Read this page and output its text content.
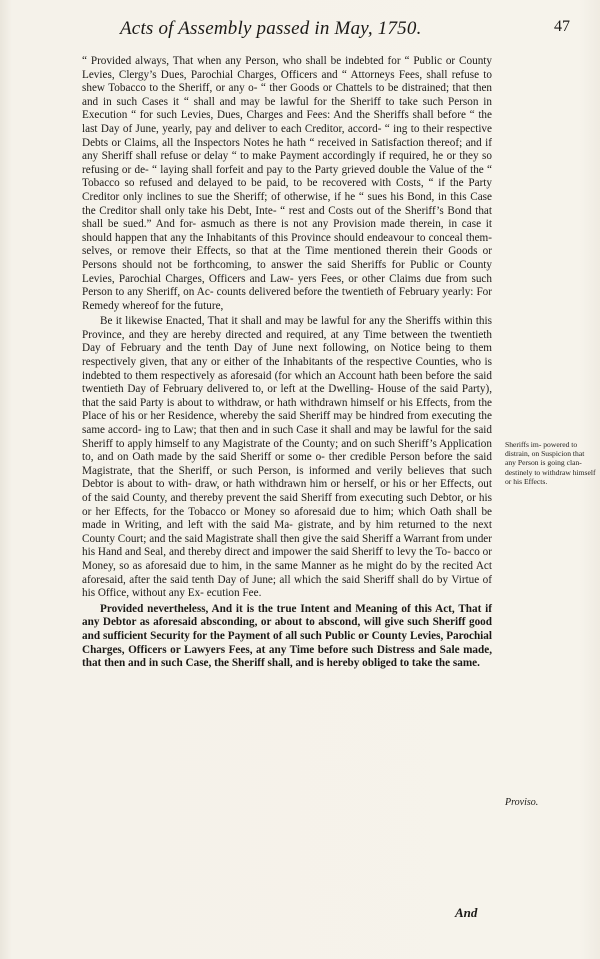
Acts of Assembly passed in May, 1750.	47

“ Provided always, That when any Person, who shall be indebted for “ Public or County Levies, Clergy’s Dues, Parochial Charges, Officers and “ Attorneys Fees, shall refuse to shew Tobacco to the Sheriff, or any o- “ ther Goods or Chattels to be distrained; that then and in such Cases it “ shall and may be lawful for the Sheriff to take such Person in Execution “ for such Levies, Dues, Charges and Fees: And the Sheriffs shall before “ the last Day of June, yearly, pay and deliver to each Creditor, accord- “ ing to their respective Debts or Claims, all the Inspectors Notes he hath “ received in Satisfaction thereof; and if any Sheriff shall refuse or delay “ to make Payment accordingly if required, he or they so refusing or de- “ laying shall forfeit and pay to the Party grieved double the Value of the “ Tobacco so refused and delayed to be paid, to be recovered with Costs, “ if the Party Creditor only inclines to sue the Sheriff; of otherwise, if he “ sues his Bond, in this Case the Creditor shall only take his Debt, Inte- “ rest and Costs out of the Sheriff’s Bond that shall be sued.” And for- asmuch as there is not any Provision made therein, in case it should happen that any the Inhabitants of this Province should endeavour to conceal them- selves, or remove their Effects, so that at the Time mentioned therein their Goods or Persons should not be forthcoming, to answer the said Sheriffs for Public or County Levies, Parochial Charges, Officers and Law- yers Fees, or other Claims due from such Person to any Sheriff, on Ac- counts delivered before the twentieth of February yearly: For Remedy whereof for the future,

Be it likewise Enacted, That it shall and may be lawful for any the Sheriffs within this Province, and they are hereby directed and required, at any Time between the twentieth Day of February and the tenth Day of June next following, on Notice being to them respectively given, that any or either of the Inhabitants of the respective Counties, who is indebted to them respectively as aforesaid (for which an Account hath been before the said twentieth Day of February delivered to, or left at the Dwelling- House of the said Party), that the said Party is about to withdraw, or hath withdrawn himself or his Effects, from the Place of his or her Residence, whereby the said Sheriff may be hindred from executing the same accord- ing to Law; that then and in such Case it shall and may be lawful for the said Sheriff to apply himself to any Magistrate of the County; and on such Sheriff’s Application to, and on Oath made by the said Sheriff or some o- ther credible Person before the said Magistrate, that the Sheriff, or such Person, is informed and verily believes that such Debtor is about to with- draw, or hath withdrawn him or herself, or his or her Effects, out of the said County, and thereby prevent the said Sheriff from executing such Debtor, or his or her Effects, for the Tobacco or Money so aforesaid due to him; which Oath shall be made in Writing, and left with the said Ma- gistrate, and by him returned to the next County Court; and the said Magistrate shall then give the said Sheriff a Warrant from under his Hand and Seal, and thereby direct and impower the said Sheriff to levy the To- bacco or Money, so as aforesaid due to him, in the same Manner as he might do by the recited Act aforesaid, after the said tenth Day of June; all which the said Sheriff shall do by Virtue of his Office, without any Ex- ecution Fee.

Provided nevertheless, And it is the true Intent and Meaning of this Act, That if any Debtor as aforesaid absconding, or about to abscond, will give such Sheriff good and sufficient Security for the Payment of all such Public or County Levies, Parochial Charges, Officers or Lawyers Fees, at any Time before such Distress and Sale made, that then and in such Case, the Sheriff shall, and is hereby obliged to take the same.

Sheriffs im- powered to distrain, on Suspicion that any Person is going clan- destinely to withdraw himself or his Effects.
Proviso.
And
